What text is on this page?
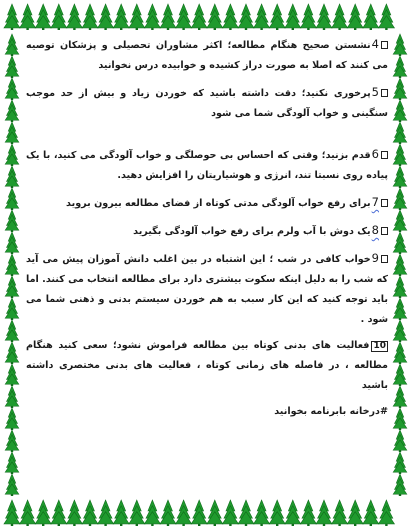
4نشستن صحیح هنگام مطالعه؛ اکثر مشاوران تحصیلی و پزشکان توصیه می کنند که اصلا به صورت دراز کشیده و خوابیده درس نخوانید
5پرخوری نکنید؛ دقت داشته باشید که خوردن زیاد و بیش از حد موجب سنگینی و خواب آلودگی شما می شود
6قدم بزنید؛ وقتی که احساس بی حوصلگی و خواب آلودگی می کنید، با یک پیاده روی نسبتا تند، انرژی و هوشیاریتان را افزایش دهید.
7برای رفع خواب آلودگی مدتی کوتاه از فضای مطالعه بیرون بروید
8یک دوش با آب ولرم برای رفع خواب آلودگی بگیرید
9خواب کافی در شب ؛ این اشتباه در بین اغلب دانش آموزان پیش می آید که شب را به دلیل اینکه سکوت بیشتری دارد برای مطالعه انتخاب می کنند. اما باید توجه کنید که این کار سبب به هم خوردن سیستم بدنی و ذهنی شما می شود .
10فعالیت های بدنی کوتاه بین مطالعه فراموش نشود؛ سعی کنید هنگام مطالعه ، در فاصله های زمانی کوتاه ، فعالیت های بدنی مختصری داشته باشید
#درخانه بابرنامه بخوانید
